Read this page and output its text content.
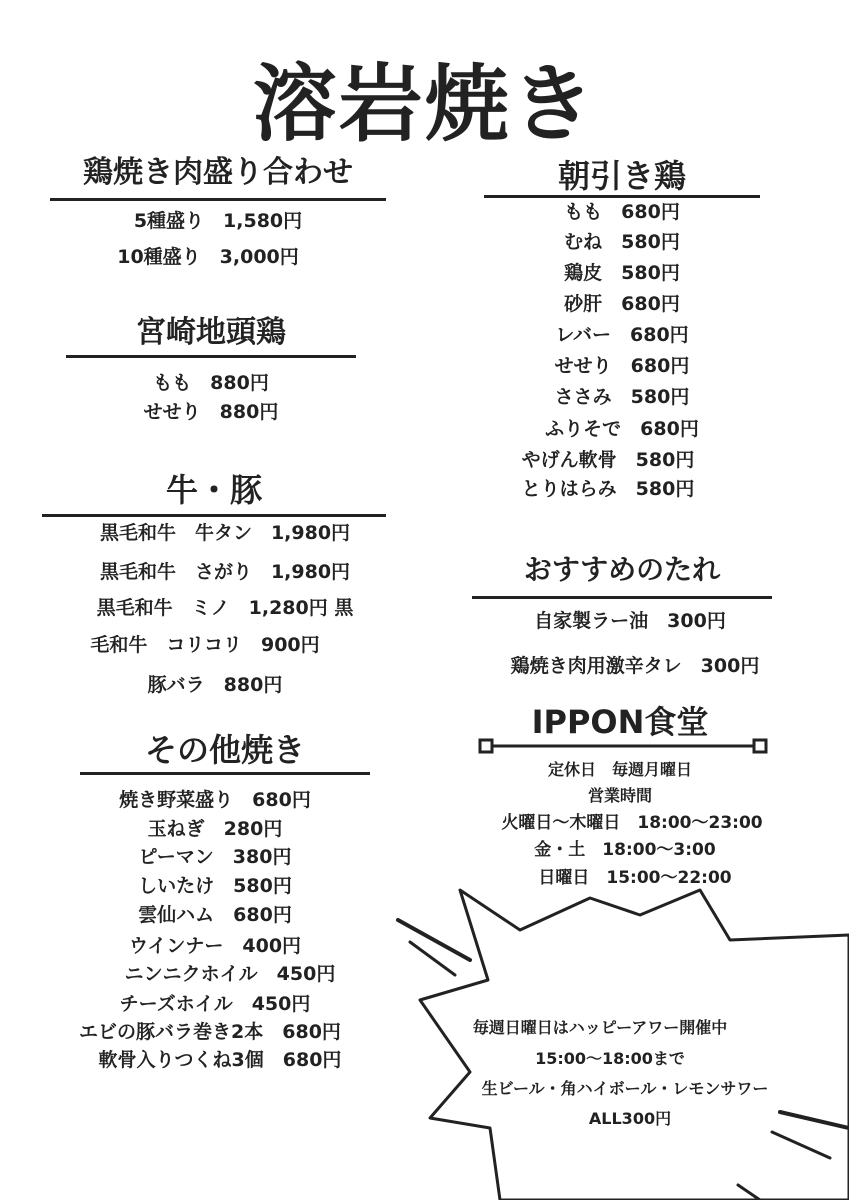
溶岩焼き
鶏焼き肉盛り合わせ
5種盛り　1,580円
10種盛り　3,000円
宮崎地頭鶏
もも　880円
せせり　880円
牛・豚
黒毛和牛　牛タン　1,980円
黒毛和牛　さがり　1,980円
黒毛和牛　ミノ　1,280円 黒
毛和牛　コリコリ　900円
豚バラ　880円
その他焼き
焼き野菜盛り　680円
玉ねぎ　280円
ピーマン　380円
しいたけ　580円
雲仙ハム　680円
ウインナー　400円
ニンニクホイル　450円
チーズホイル　450円
エビの豚バラ巻き2本　680円
軟骨入りつくね3個　680円
朝引き鶏
もも　680円
むね　580円
鶏皮　580円
砂肝　680円
レバー　680円
せせり　680円
ささみ　580円
ふりそで　680円
やげん軟骨　580円
とりはらみ　580円
おすすめのたれ
自家製ラー油　300円
鶏焼き肉用激辛タレ　300円
IPPON食堂
定休日　毎週月曜日
営業時間
火曜日～木曜日　18:00～23:00
金・土　18:00～3:00
日曜日　15:00～22:00
毎週日曜日はハッピーアワー開催中
15:00～18:00まで
生ビール・角ハイボール・レモンサワー
ALL300円
